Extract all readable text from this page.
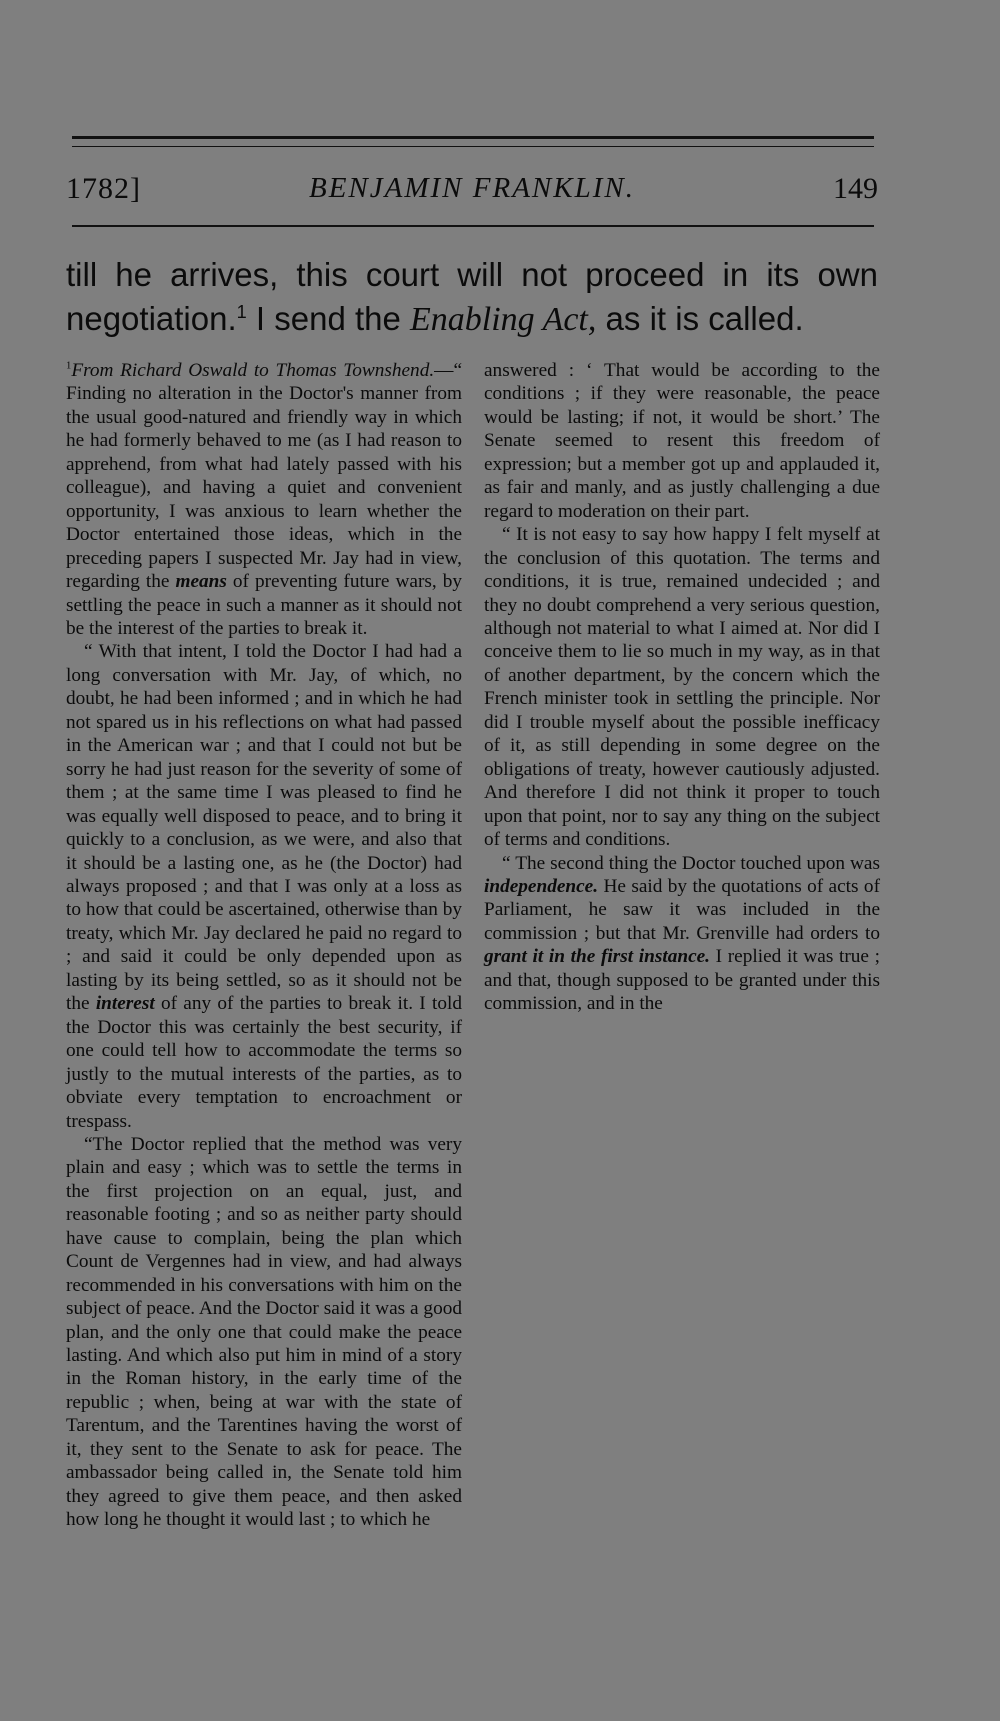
1782]	BENJAMIN FRANKLIN.	149

till he arrives, this court will not proceed in its own negotiation.$^1$ I send the Enabling Act, as it is called.

$^1$From Richard Oswald to Thomas Townshend.—“ Finding no alteration in the Doctor's manner from the usual good-natured and friendly way in which he had formerly behaved to me (as I had reason to apprehend, from what had lately passed with his colleague), and having a quiet and convenient opportunity, I was anxious to learn whether the Doctor entertained those ideas, which in the preceding papers I suspected Mr. Jay had in view, regarding the means of preventing future wars, by settling the peace in such a manner as it should not be the interest of the parties to break it.

“ With that intent, I told the Doctor I had had a long conversation with Mr. Jay, of which, no doubt, he had been informed ; and in which he had not spared us in his reflections on what had passed in the American war ; and that I could not but be sorry he had just reason for the severity of some of them ; at the same time I was pleased to find he was equally well disposed to peace, and to bring it quickly to a conclusion, as we were, and also that it should be a lasting one, as he (the Doctor) had always proposed ; and that I was only at a loss as to how that could be ascertained, otherwise than by treaty, which Mr. Jay declared he paid no regard to ; and said it could be only depended upon as lasting by its being settled, so as it should not be the interest of any of the parties to break it. I told the Doctor this was certainly the best security, if one could tell how to accommodate the terms so justly to the mutual interests of the parties, as to obviate every temptation to encroachment or trespass.

“The Doctor replied that the method was very plain and easy ; which was to settle the terms in the first projection on an equal, just, and reasonable footing ; and so as neither party should have cause to complain, being the plan which Count de Vergennes had in view, and had always recommended in his conversations with him on the subject of peace. And the Doctor said it was a good plan, and the only one that could make the peace lasting. And which also put him in mind of a story in the Roman history, in the early time of the republic ; when, being at war with the state of Tarentum, and the Tarentines having the worst of it, they sent to the Senate to ask for peace. The ambassador being called in, the Senate told him they agreed to give them peace, and then asked how long he thought it would last ; to which he

answered : ‘ That would be according to the conditions ; if they were reasonable, the peace would be lasting; if not, it would be short.’ The Senate seemed to resent this freedom of expression; but a member got up and applauded it, as fair and manly, and as justly challenging a due regard to moderation on their part.

“ It is not easy to say how happy I felt myself at the conclusion of this quotation. The terms and conditions, it is true, remained undecided ; and they no doubt comprehend a very serious question, although not material to what I aimed at. Nor did I conceive them to lie so much in my way, as in that of another department, by the concern which the French minister took in settling the principle. Nor did I trouble myself about the possible inefficacy of it, as still depending in some degree on the obligations of treaty, however cautiously adjusted. And therefore I did not think it proper to touch upon that point, nor to say any thing on the subject of terms and conditions.

“ The second thing the Doctor touched upon was independence. He said by the quotations of acts of Parliament, he saw it was included in the commission ; but that Mr. Grenville had orders to grant it in the first instance. I replied it was true ; and that, though supposed to be granted under this commission, and in the
